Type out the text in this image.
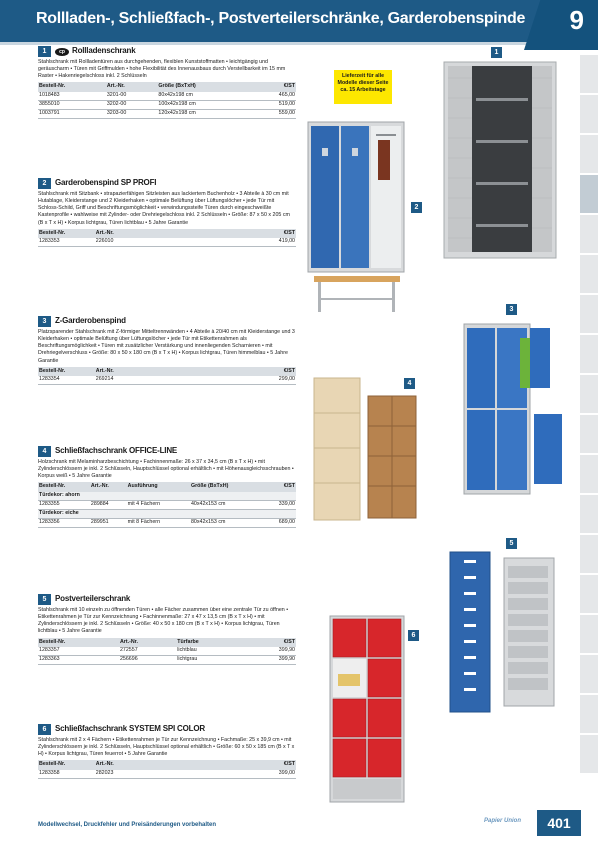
Rollladen-, Schließfach-, Postverteilerschränke, Garderobenspinde 9
1	cp Rollladenschrank

Stahlschrank mit Rollladentüren aus durchgehenden, flexiblen Kunststoffmatten • leichtgängig und geräuscharm • Türen mit Griffmulden • hohe Flexibilität des Innenausbaus durch Verstellbarkeit im 15 mm Raster • Hakenriegelschloss inkl. 2 Schlüsseln

Bestell-Nr.	Art.-Nr.	Größe (BxTxH)	€/ST
1018483	3201-00	80x42x198 cm	465,00
3855010	3202-00	100x42x198 cm	519,00
1003791	3203-00	120x42x198 cm	559,00
2	Garderobenspind SP PROFI

Stahlschrank mit Sitzbank • strapazierfähigen Sitzleisten aus lackiertem Buchenholz • 3 Abteile à 30 cm mit Hutablage, Kleiderstange und 2 Kleiderhaken • optimale Belüftung über Lüftungslöcher • jede Tür mit Schloss-Schild, Griff und Beschriftungsmöglichkeit • verwindungssteife Türen durch eingeschweißte Kastenprofile • wahlweise mit Zylinder- oder Drehriegelschloss inkl. 2 Schlüsseln • Größe: 87 x 50 x 205 cm (B x T x H) • Korpus lichtgrau, Türen lichtblau • 5 Jahre Garantie

Bestell-Nr.	Art.-Nr.	€/ST
1283353	226010	419,00
3	Z-Garderobenspind

Platzsparender Stahlschrank mit Z-förmiger Mitteltrennwänden • 4 Abteile à 20/40 cm mit Kleiderstange und 3 Kleiderhaken • optimale Belüftung über Lüftungslöcher • jede Tür mit Etikettenrahmen als Beschriftungsmöglichkeit • Türen mit zusätzlicher Verstärkung und innenliegenden Scharnieren • mit Drehriegelverschluss • Größe: 80 x 50 x 180 cm (B x T x H) • Korpus lichtgrau, Türen himmelblau • 5 Jahre Garantie

Bestell-Nr.	Art.-Nr.	€/ST
1283354	269214	299,00
4	Schließfachschrank OFFICE-LINE

Holzschrank mit Melaminharzbeschichtung • Fachinnenmaße: 26 x 37 x 34,5 cm (B x T x H) • mit Zylinderschlössern je inkl. 2 Schlüsseln, Hauptschlüssel optional erhältlich • mit Höhenausgleichsschrauben • Korpus weiß • 5 Jahre Garantie

Bestell-Nr.	Art.-Nr.	Ausführung	Größe (BxTxH)	€/ST
Türdekor: ahorn				
1283355	289884	mit 4 Fächern	40x42x153 cm	339,00
Türdekor: eiche				
1283356	289951	mit 8 Fächern	80x42x153 cm	689,00
5	Postverteilerschrank

Stahlschrank mit 10 einzeln zu öffnenden Türen • alle Fächer zusammen über eine zentrale Tür zu öffnen • Etikettenrahmen je Tür zur Kennzeichnung • Fachinnenmaße: 27 x 47 x 13,5 cm (B x T x H) • mit Zylinderschlössern je inkl. 2 Schlüsseln • Größe: 40 x 50 x 180 cm (B x T x H) • Korpus lichtgrau, Türen lichtblau • 5 Jahre Garantie

Bestell-Nr.	Art.-Nr.	Türfarbe	€/ST
1283357	272557	lichtblau	399,90
1283363	256696	lichtgrau	399,90
6	Schließfachschrank SYSTEM SPI COLOR

Stahlschrank mit 2 x 4 Fächern • Etikettenrahmen je Tür zur Kennzeichnung • Fachmaße: 25 x 39,9 cm • mit Zylinderschlössern je inkl. 2 Schlüsseln, Hauptschlüssel optional erhältlich • Größe: 60 x 50 x 185 cm (B x T x H) • Korpus lichtgrau, Türen feuerrot • 5 Jahre Garantie

Bestell-Nr.	Art.-Nr.	€/ST
1283358	282023	399,00
Lieferzeit für alle
Modelle dieser Seite
ca. 15 Arbeitstage
1
2
3
4
5
6
Modellwechsel, Druckfehler und Preisänderungen vorbehalten
Papier Union	401
